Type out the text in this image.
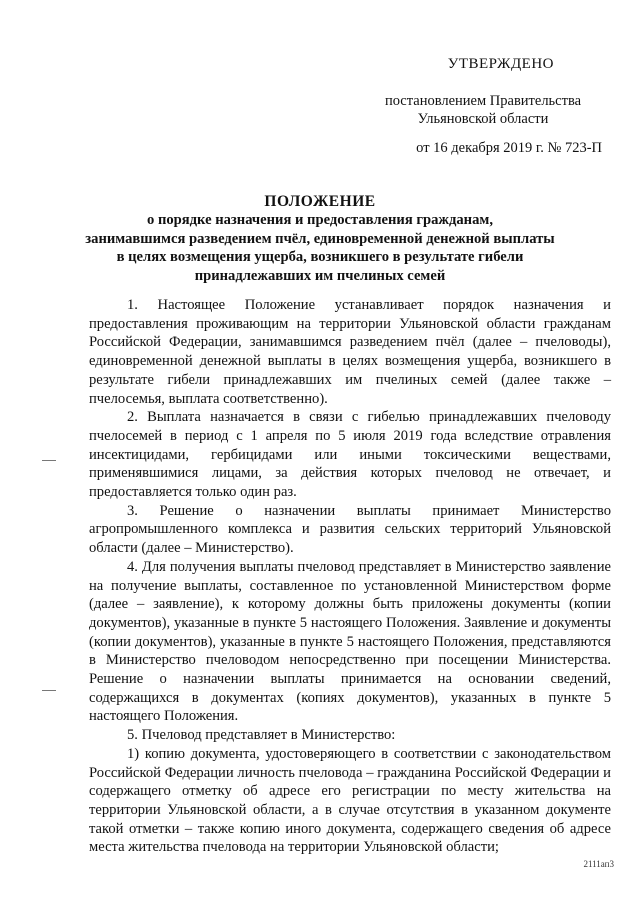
УТВЕРЖДЕНО
постановлением Правительства
Ульяновской области
от 16 декабря 2019 г. № 723-П
ПОЛОЖЕНИЕ
о порядке назначения и предоставления гражданам,
занимавшимся разведением пчёл, единовременной денежной выплаты
в целях возмещения ущерба, возникшего в результате гибели
принадлежавших им пчелиных семей

1. Настоящее Положение устанавливает порядок назначения и предоставления проживающим на территории Ульяновской области гражданам Российской Федерации, занимавшимся разведением пчёл (далее – пчеловоды), единовременной денежной выплаты в целях возмещения ущерба, возникшего в результате гибели принадлежавших им пчелиных семей (далее также – пчелосемья, выплата соответственно).

2. Выплата назначается в связи с гибелью принадлежавших пчеловоду пчелосемей в период с 1 апреля по 5 июля 2019 года вследствие отравления инсектицидами, гербицидами или иными токсическими веществами, применявшимися лицами, за действия которых пчеловод не отвечает, и предоставляется только один раз.

3. Решение о назначении выплаты принимает Министерство агропромышленного комплекса и развития сельских территорий Ульяновской области (далее – Министерство).

4. Для получения выплаты пчеловод представляет в Министерство заявление на получение выплаты, составленное по установленной Министерством форме (далее – заявление), к которому должны быть приложены документы (копии документов), указанные в пункте 5 настоящего Положения. Заявление и документы (копии документов), указанные в пункте 5 настоящего Положения, представляются в Министерство пчеловодом непосредственно при посещении Министерства. Решение о назначении выплаты принимается на основании сведений, содержащихся в документах (копиях документов), указанных в пункте 5 настоящего Положения.

5. Пчеловод представляет в Министерство:

1) копию документа, удостоверяющего в соответствии с законодательством Российской Федерации личность пчеловода – гражданина Российской Федерации и содержащего отметку об адресе его регистрации по месту жительства на территории Ульяновской области, а в случае отсутствия в указанном документе такой отметки – также копию иного документа, содержащего сведения об адресе места жительства пчеловода на территории Ульяновской области;

2111ап3
